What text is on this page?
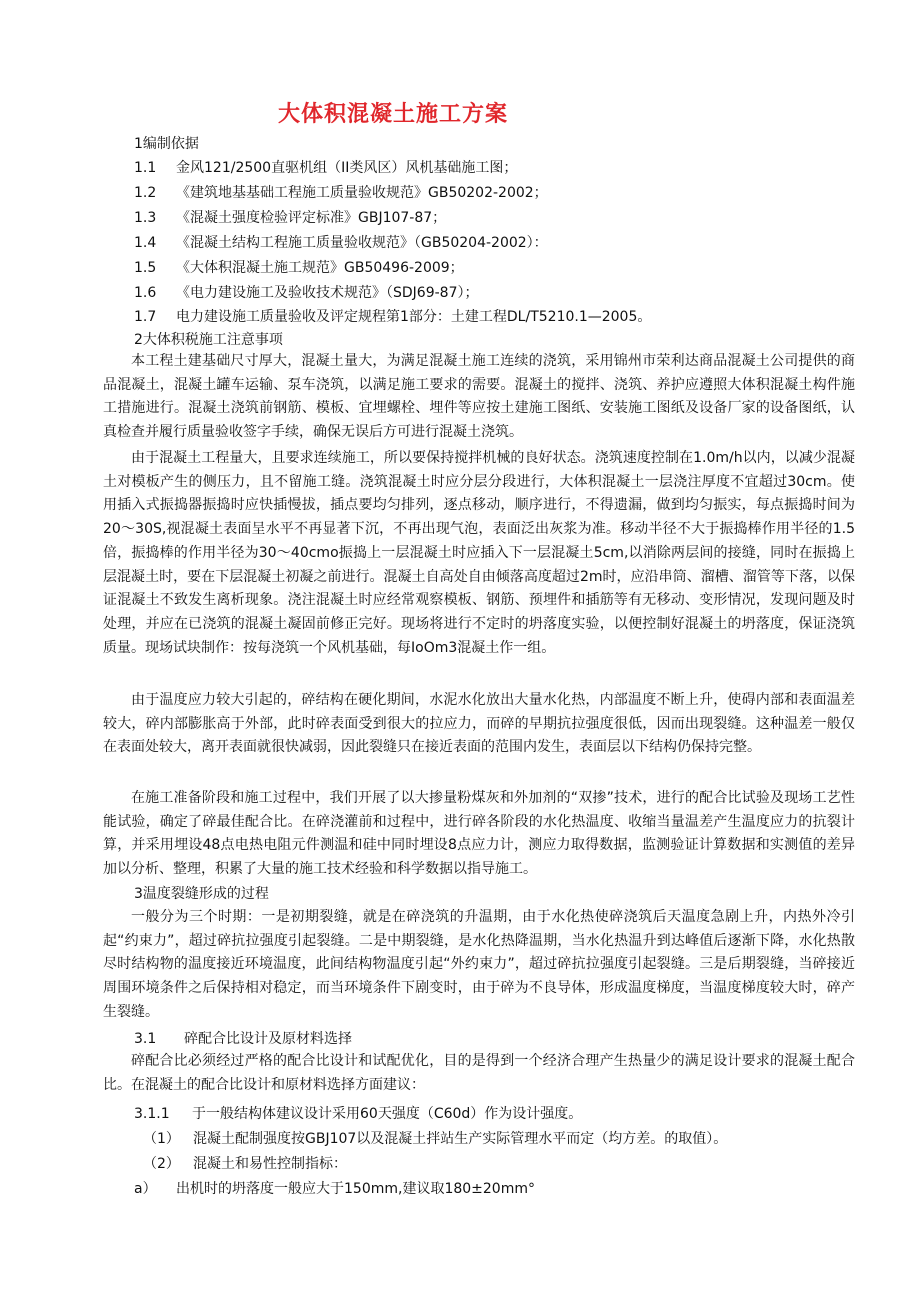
大体积混凝土施工方案
1编制依据
1.1 金风121/2500直驱机组（II类风区）风机基础施工图；
1.2 《建筑地基基础工程施工质量验收规范》GB50202-2002；
1.3 《混凝土强度检验评定标准》GBJ107-87；
1.4 《混凝土结构工程施工质量验收规范》（GB50204-2002）：
1.5 《大体积混凝土施工规范》GB50496-2009；
1.6 《电力建设施工及验收技术规范》（SDJ69-87）；
1.7 电力建设施工质量验收及评定规程第1部分：土建工程DL/T5210.1—2005。
2大体积税施工注意事项

本工程土建基础尺寸厚大，混凝土量大，为满足混凝土施工连续的浇筑，采用锦州市荣利达商品混凝土公司提供的商品混凝土，混凝土罐车运输、泵车浇筑，以满足施工要求的需要。混凝土的搅拌、浇筑、养护应遵照大体积混凝土构件施工措施进行。混凝土浇筑前钢筋、模板、宜埋螺栓、埋件等应按土建施工图纸、安装施工图纸及设备厂家的设备图纸，认真检查并履行质量验收签字手续，确保无误后方可进行混凝土浇筑。

由于混凝土工程量大，且要求连续施工，所以要保持搅拌机械的良好状态。浇筑速度控制在1.0m∕h以内，以减少混凝土对模板产生的侧压力，且不留施工缝。浇筑混凝土时应分层分段进行，大体积混凝土一层浇注厚度不宜超过30cm。使用插入式振捣器振捣时应快插慢拔，插点要均匀排列，逐点移动，顺序进行，不得遗漏，做到均匀振实，每点振捣时间为20～30S,视混凝土表面呈水平不再显著下沉，不再出现气泡，表面泛出灰浆为准。移动半径不大于振捣棒作用半径的1.5倍，振捣棒的作用半径为30～40cmo振捣上一层混凝土时应插入下一层混凝土5cm,以消除两层间的接缝，同时在振捣上层混凝土时，要在下层混凝土初凝之前进行。混凝土自高处自由倾落高度超过2m时，应沿串筒、溜槽、溜管等下落，以保证混凝土不致发生离析现象。浇注混凝土时应经常观察模板、钢筋、预埋件和插筋等有无移动、变形情况，发现问题及时处理，并应在已浇筑的混凝土凝固前修正完好。现场将进行不定时的坍落度实验，以便控制好混凝土的坍落度，保证浇筑质量。现场试块制作：按每浇筑一个风机基础，每IoOm3混凝土作一组。

由于温度应力较大引起的，碎结构在硬化期间，水泥水化放出大量水化热，内部温度不断上升，使碍内部和表面温差较大，碎内部膨胀高于外部，此时碎表面受到很大的拉应力，而碎的早期抗拉强度很低，因而出现裂缝。这种温差一般仅在表面处较大，离开表面就很快减弱，因此裂缝只在接近表面的范围内发生，表面层以下结构仍保持完整。

在施工准备阶段和施工过程中，我们开展了以大掺量粉煤灰和外加剂的“双掺”技术，进行的配合比试验及现场工艺性能试验，确定了碎最佳配合比。在碎浇灌前和过程中，进行碎各阶段的水化热温度、收缩当量温差产生温度应力的抗裂计算，并采用埋设48点电热电阻元件测温和硅中同时埋设8点应力计，测应力取得数据，监测验证计算数据和实测值的差异加以分析、整理，积累了大量的施工技术经验和科学数据以指导施工。

3温度裂缝形成的过程

一般分为三个时期：一是初期裂缝，就是在碎浇筑的升温期，由于水化热使碎浇筑后天温度急剧上升，内热外冷引起“约束力”，超过碎抗拉强度引起裂缝。二是中期裂缝，是水化热降温期，当水化热温升到达峰值后逐渐下降，水化热散尽时结构物的温度接近环境温度，此间结构物温度引起“外约束力”，超过碎抗拉强度引起裂缝。三是后期裂缝，当碎接近周围环境条件之后保持相对稳定，而当环境条件下剧变时，由于碎为不良导体，形成温度梯度，当温度梯度较大时，碎产生裂缝。

3.1 碎配合比设计及原材料选择

碎配合比必须经过严格的配合比设计和试配优化，目的是得到一个经济合理产生热量少的满足设计要求的混凝土配合比。在混凝土的配合比设计和原材料选择方面建议：

3.1.1 于一般结构体建议设计采用60天强度（C60d）作为设计强度。
（1） 混凝土配制强度按GBJ107以及混凝土拌站生产实际管理水平而定（均方差。的取值）。
（2） 混凝土和易性控制指标：
a） 出机时的坍落度一般应大于150mm,建议取180±20mm°
